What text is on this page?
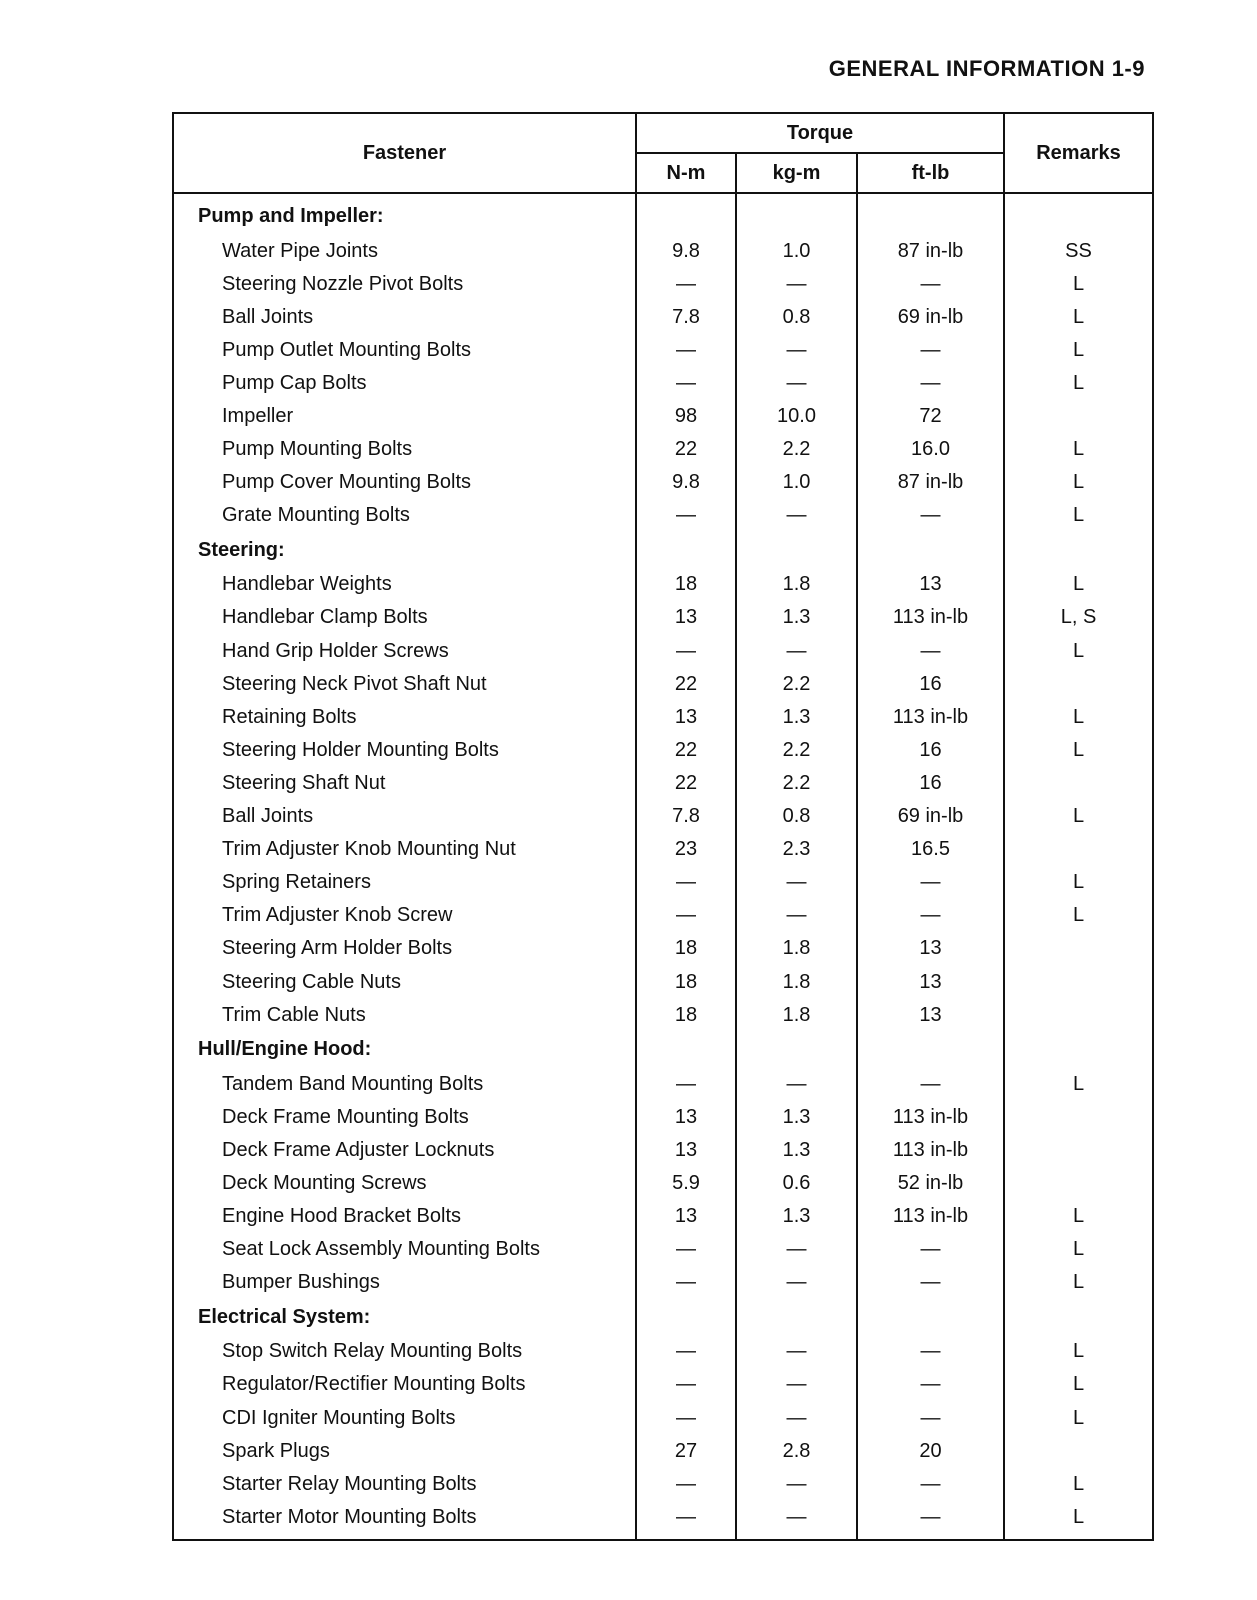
GENERAL INFORMATION 1-9
Fastener	Torque			Remarks
	N-m	kg-m	ft-lb	
Pump and Impeller:				
Water Pipe Joints	9.8	1.0	87 in-lb	SS
Steering Nozzle Pivot Bolts	—	—	—	L
Ball Joints	7.8	0.8	69 in-lb	L
Pump Outlet Mounting Bolts	—	—	—	L
Pump Cap Bolts	—	—	—	L
Impeller	98	10.0	72	
Pump Mounting Bolts	22	2.2	16.0	L
Pump Cover Mounting Bolts	9.8	1.0	87 in-lb	L
Grate Mounting Bolts	—	—	—	L
Steering:				
Handlebar Weights	18	1.8	13	L
Handlebar Clamp Bolts	13	1.3	113 in-lb	L, S
Hand Grip Holder Screws	—	—	—	L
Steering Neck Pivot Shaft Nut	22	2.2	16	
Retaining Bolts	13	1.3	113 in-lb	L
Steering Holder Mounting Bolts	22	2.2	16	L
Steering Shaft Nut	22	2.2	16	
Ball Joints	7.8	0.8	69 in-lb	L
Trim Adjuster Knob Mounting Nut	23	2.3	16.5	
Spring Retainers	—	—	—	L
Trim Adjuster Knob Screw	—	—	—	L
Steering Arm Holder Bolts	18	1.8	13	
Steering Cable Nuts	18	1.8	13	
Trim Cable Nuts	18	1.8	13	
Hull/Engine Hood:				
Tandem Band Mounting Bolts	—	—	—	L
Deck Frame Mounting Bolts	13	1.3	113 in-lb	
Deck Frame Adjuster Locknuts	13	1.3	113 in-lb	
Deck Mounting Screws	5.9	0.6	52 in-lb	
Engine Hood Bracket Bolts	13	1.3	113 in-lb	L
Seat Lock Assembly Mounting Bolts	—	—	—	L
Bumper Bushings	—	—	—	L
Electrical System:				
Stop Switch Relay Mounting Bolts	—	—	—	L
Regulator/Rectifier Mounting Bolts	—	—	—	L
CDI Igniter Mounting Bolts	—	—	—	L
Spark Plugs	27	2.8	20	
Starter Relay Mounting Bolts	—	—	—	L
Starter Motor Mounting Bolts	—	—	—	L
